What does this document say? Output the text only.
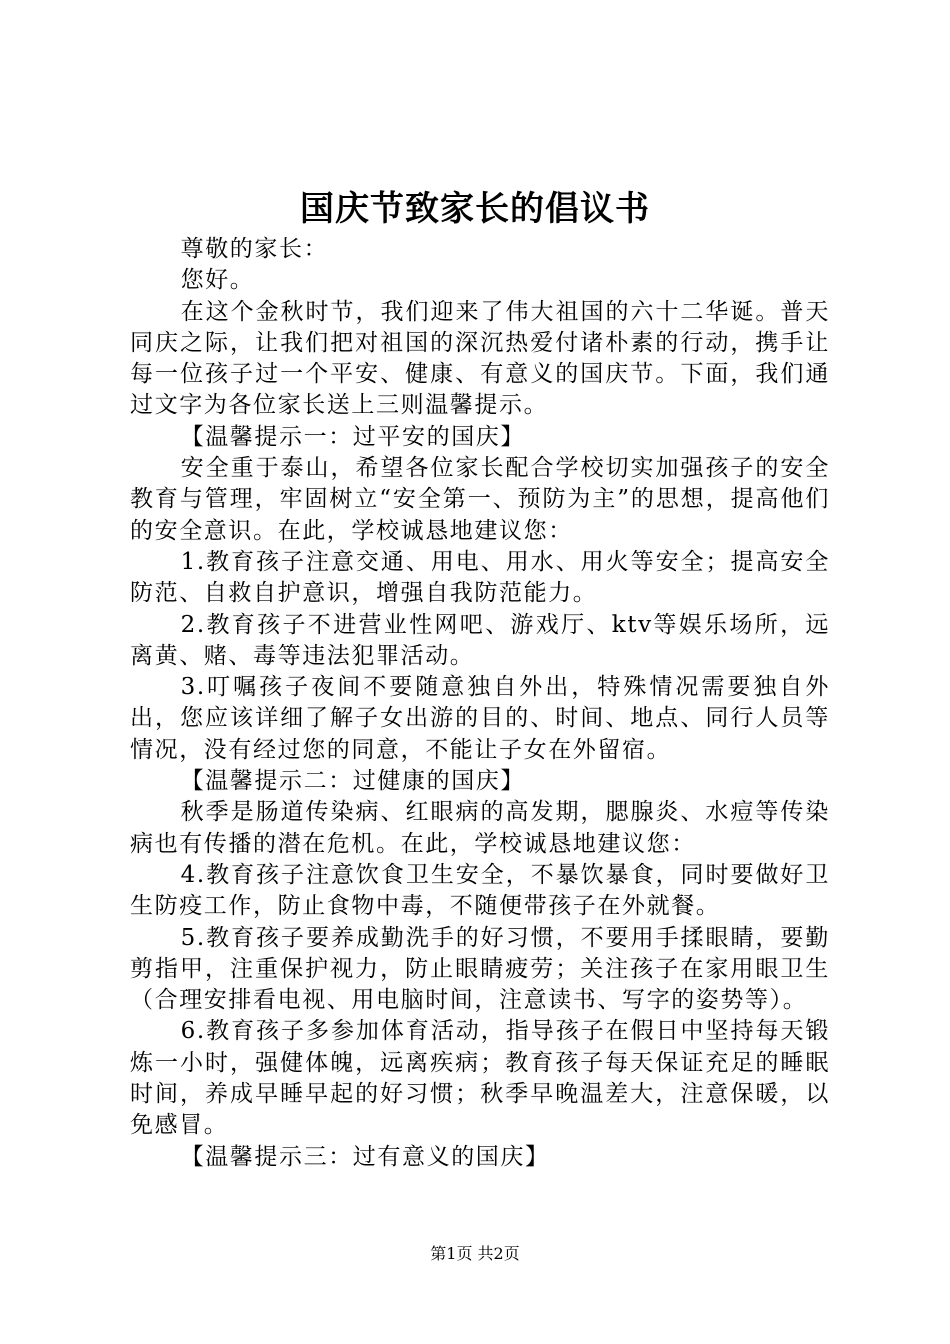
国庆节致家长的倡议书

尊敬的家长：

您好。

在这个金秋时节，我们迎来了伟大祖国的六十二华诞。普天同庆之际，让我们把对祖国的深沉热爱付诸朴素的行动，携手让每一位孩子过一个平安、健康、有意义的国庆节。下面，我们通过文字为各位家长送上三则温馨提示。

【温馨提示一：过平安的国庆】

安全重于泰山，希望各位家长配合学校切实加强孩子的安全教育与管理，牢固树立“安全第一、预防为主”的思想，提高他们的安全意识。在此，学校诚恳地建议您：

1.教育孩子注意交通、用电、用水、用火等安全；提高安全防范、自救自护意识，增强自我防范能力。

2.教育孩子不进营业性网吧、游戏厅、ktv等娱乐场所，远离黄、赌、毒等违法犯罪活动。

3.叮嘱孩子夜间不要随意独自外出，特殊情况需要独自外出，您应该详细了解子女出游的目的、时间、地点、同行人员等情况，没有经过您的同意，不能让子女在外留宿。

【温馨提示二：过健康的国庆】

秋季是肠道传染病、红眼病的高发期，腮腺炎、水痘等传染病也有传播的潜在危机。在此，学校诚恳地建议您：

4.教育孩子注意饮食卫生安全，不暴饮暴食，同时要做好卫生防疫工作，防止食物中毒，不随便带孩子在外就餐。

5.教育孩子要养成勤洗手的好习惯，不要用手揉眼睛，要勤剪指甲，注重保护视力，防止眼睛疲劳；关注孩子在家用眼卫生（合理安排看电视、用电脑时间，注意读书、写字的姿势等）。

6.教育孩子多参加体育活动，指导孩子在假日中坚持每天锻炼一小时，强健体魄，远离疾病；教育孩子每天保证充足的睡眠时间，养成早睡早起的好习惯；秋季早晚温差大，注意保暖，以免感冒。

【温馨提示三：过有意义的国庆】

第1页 共2页
